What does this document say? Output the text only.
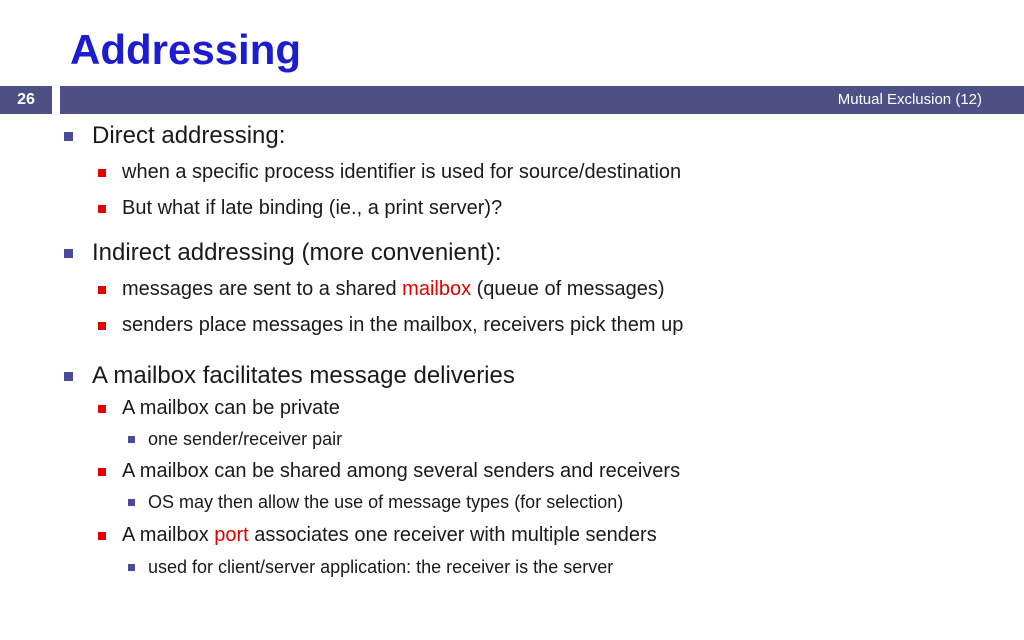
Addressing
26	Mutual Exclusion (12)
Direct addressing:
when a specific process identifier is used for source/destination
But what if late binding (ie., a print server)?
Indirect addressing (more convenient):
messages are sent to a shared mailbox (queue of messages)
senders place messages in the mailbox, receivers pick them up
A mailbox facilitates message deliveries
A mailbox can be private
one sender/receiver pair
A mailbox can be shared among several senders and receivers
OS may then allow the use of message types (for selection)
A mailbox port associates one receiver with multiple senders
used for client/server application: the receiver is the server
